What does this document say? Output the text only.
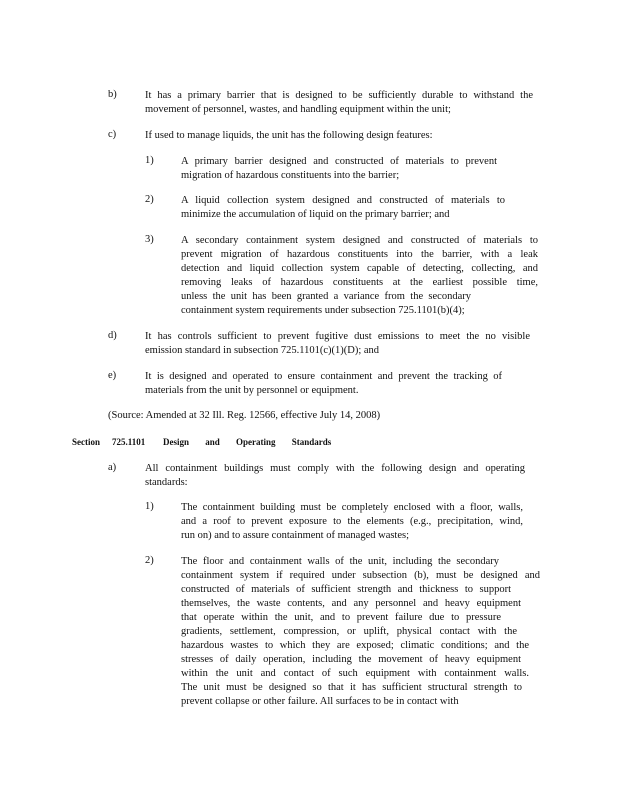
b)	It has a primary barrier that is designed to be sufficiently durable to withstand the
movement of personnel, wastes, and handling equipment within the unit;
c)	If used to manage liquids, the unit has the following design features:
1)	A primary barrier designed and constructed of materials to prevent
migration of hazardous constituents into the barrier;
2)	A liquid collection system designed and constructed of materials to
minimize the accumulation of liquid on the primary barrier; and
3)	A secondary containment system designed and constructed of materials to
prevent migration of hazardous constituents into the barrier, with a leak
detection and liquid collection system capable of detecting, collecting, and
removing leaks of hazardous constituents at the earliest possible time,
unless the unit has been granted a variance from the secondary
containment system requirements under subsection 725.1101(b)(4);
d)	It has controls sufficient to prevent fugitive dust emissions to meet the no visible
emission standard in subsection 725.1101(c)(1)(D); and
e)	It is designed and operated to ensure containment and prevent the tracking of
materials from the unit by personnel or equipment.
(Source: Amended at 32 Ill. Reg. 12566, effective July 14, 2008)
Section 725.1101 Design and Operating Standards
a)	All containment buildings must comply with the following design and operating
standards:
1)	The containment building must be completely enclosed with a floor, walls,
and a roof to prevent exposure to the elements (e.g., precipitation, wind,
run on) and to assure containment of managed wastes;
2)	The floor and containment walls of the unit, including the secondary
containment system if required under subsection (b), must be designed and
constructed of materials of sufficient strength and thickness to support
themselves, the waste contents, and any personnel and heavy equipment
that operate within the unit, and to prevent failure due to pressure
gradients, settlement, compression, or uplift, physical contact with the
hazardous wastes to which they are exposed; climatic conditions; and the
stresses of daily operation, including the movement of heavy equipment
within the unit and contact of such equipment with containment walls.
The unit must be designed so that it has sufficient structural strength to
prevent collapse or other failure. All surfaces to be in contact with
